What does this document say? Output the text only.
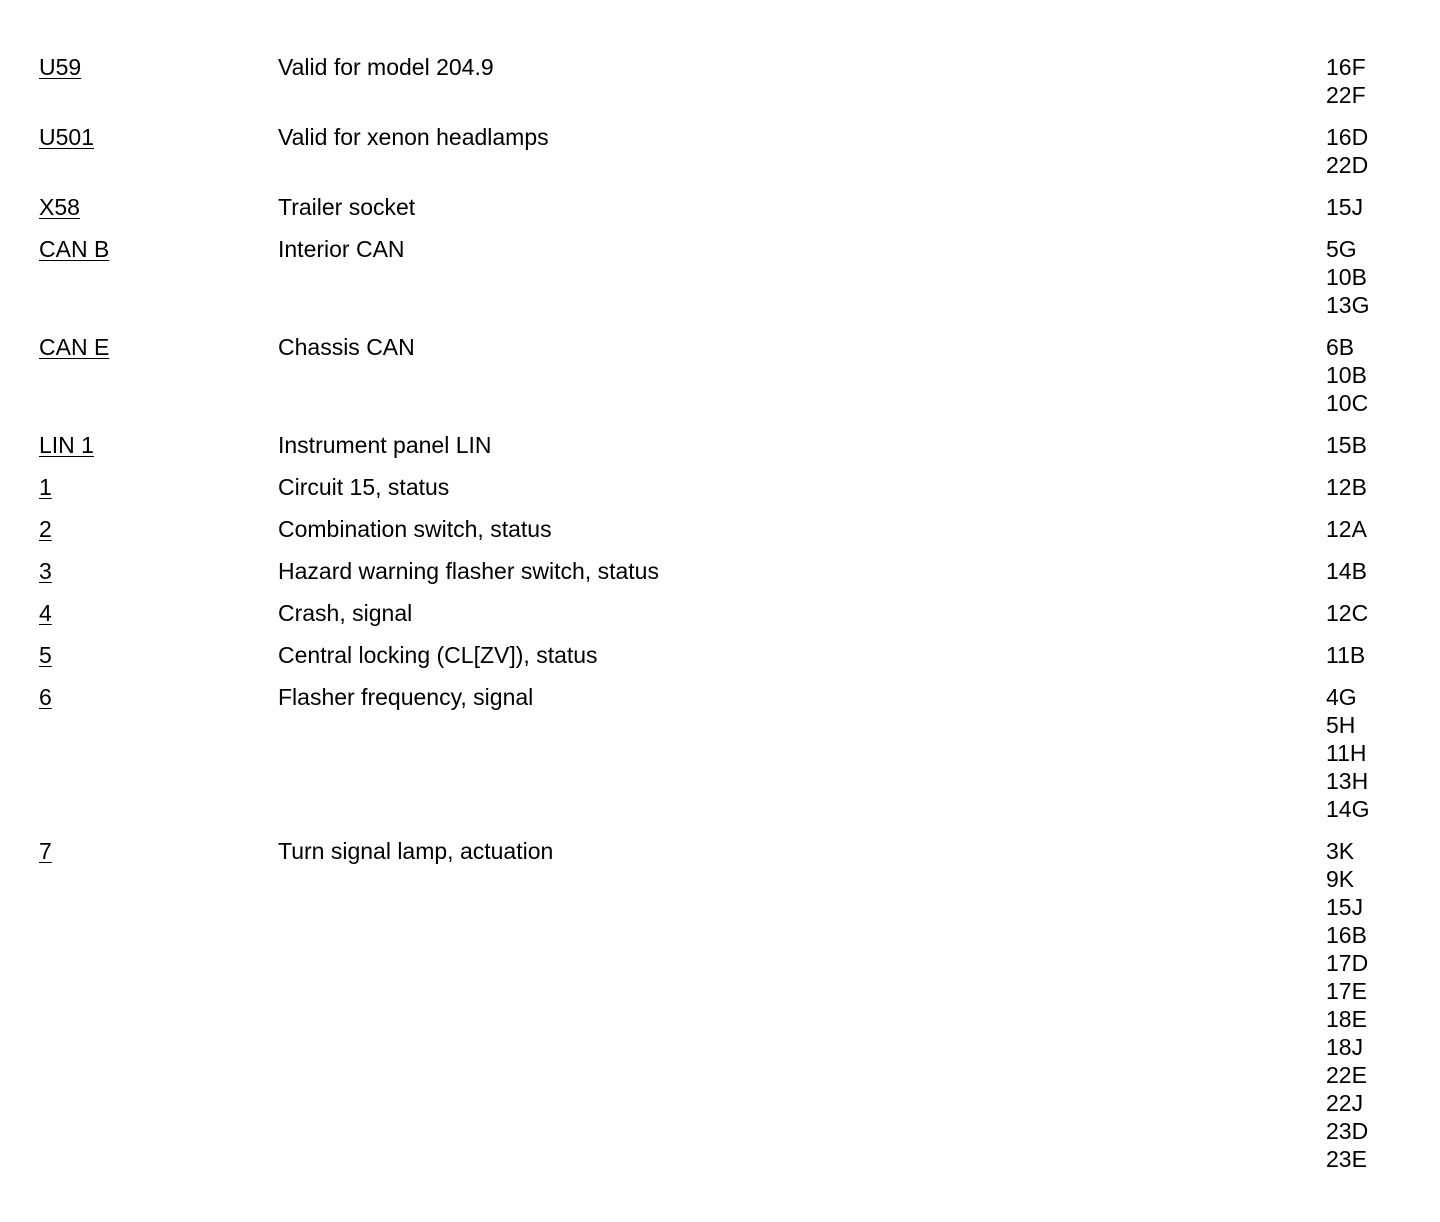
U59	Valid for model 204.9	16F
22F
U501	Valid for xenon headlamps	16D
22D
X58	Trailer socket	15J
CAN B	Interior CAN	5G
10B
13G
CAN E	Chassis CAN	6B
10B
10C
LIN 1	Instrument panel LIN	15B
1	Circuit 15, status	12B
2	Combination switch, status	12A
3	Hazard warning flasher switch, status	14B
4	Crash, signal	12C
5	Central locking (CL[ZV]), status	11B
6	Flasher frequency, signal	4G
5H
11H
13H
14G
7	Turn signal lamp, actuation	3K
9K
15J
16B
17D
17E
18E
18J
22E
22J
23D
23E
